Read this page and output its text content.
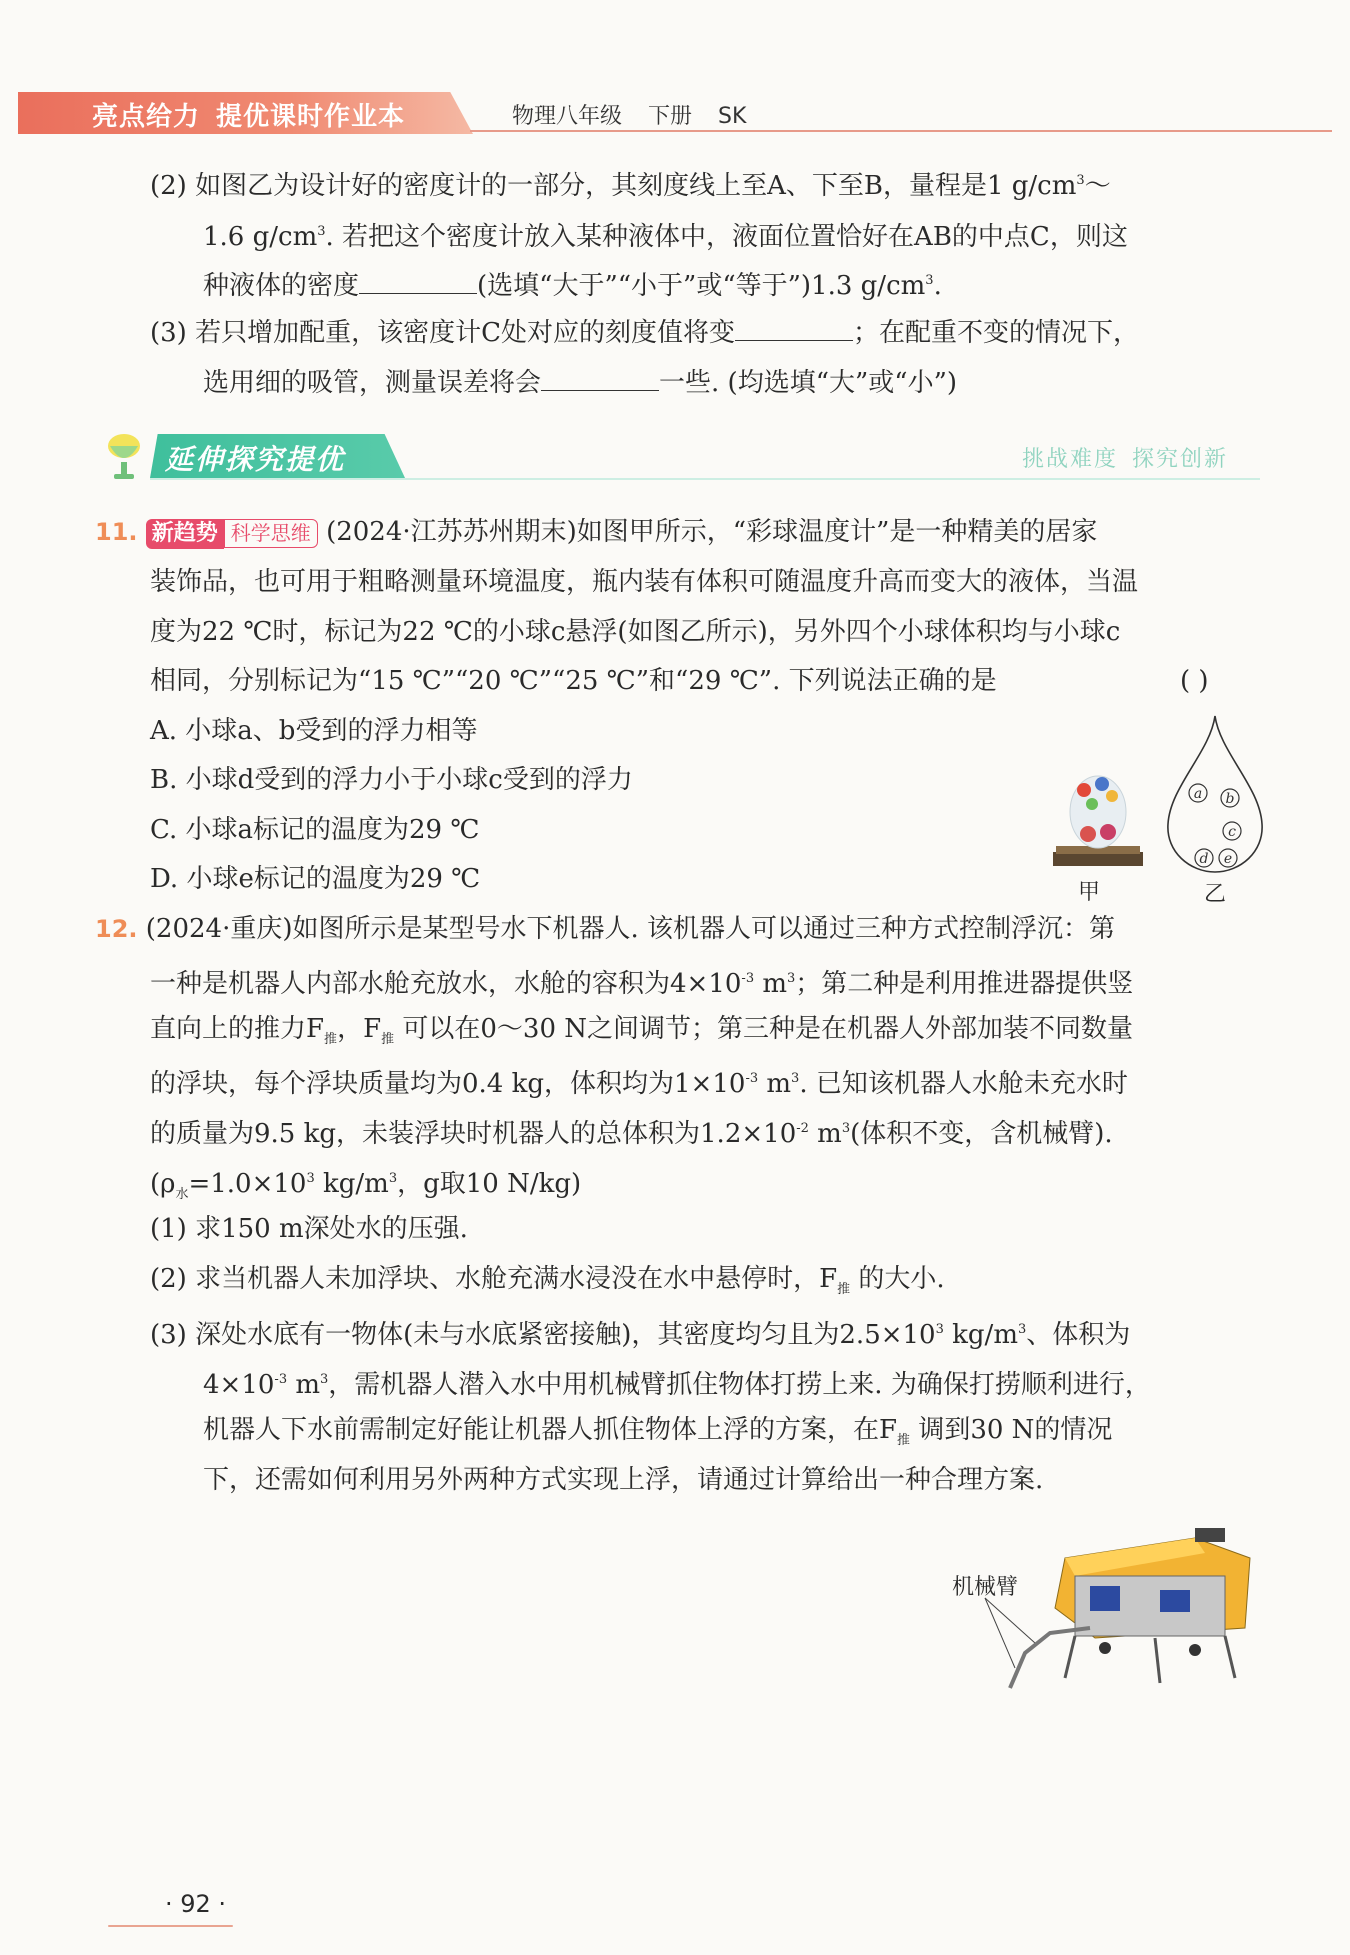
亮点给力 提优课时作业本	物理八年级 下册 SK
(2) 如图乙为设计好的密度计的一部分，其刻度线上至A、下至B，量程是1 $g/cm^3\sim$
1.6 $g/cm^3$. 若把这个密度计放入某种液体中，液面位置恰好在AB的中点C，则这
种液体的密度	(选填“大于”“小于”或“等于”)1.3 $g/cm^3$.
(3) 若只增加配重，该密度计C处对应的刻度值将变	；在配重不变的情况下，
选用细的吸管，测量误差将会	一些. (均选填“大”或“小”)
延伸探究提优	挑战难度 探究创新
11. 新趋势 科学思维 (2024·江苏苏州期末)如图甲所示，“彩球温度计”是一种精美的居家
装饰品，也可用于粗略测量环境温度，瓶内装有体积可随温度升高而变大的液体，当温
度为22 ℃时，标记为22 ℃的小球c悬浮(如图乙所示)，另外四个小球体积均与小球c
相同，分别标记为“15 ℃”“20 ℃”“25 ℃”和“29 ℃”. 下列说法正确的是	( )
A. 小球a、b受到的浮力相等
B. 小球d受到的浮力小于小球c受到的浮力
C. 小球a标记的温度为29 ℃
D. 小球e标记的温度为29 ℃	甲
a b
c
d e
乙
12. (2024·重庆)如图所示是某型号水下机器人. 该机器人可以通过三种方式控制浮沉：第
一种是机器人内部水舱充放水，水舱的容积为$4\times 10^{-3}$ $m^3$；第二种是利用推进器提供竖
直向上的推力$F_推$，$F_推$ 可以在0～30 N之间调节；第三种是在机器人外部加装不同数量
的浮块，每个浮块质量均为0.4 kg，体积均为$1\times 10^{-3}$ $m^3$. 已知该机器人水舱未充水时
的质量为9.5 kg，未装浮块时机器人的总体积为$1.2\times 10^{-2}$ $m^3$(体积不变，含机械臂).
($\rho_水=1.0\times 10^3$ $kg/m^3$，g取10 N/kg)
(1) 求150 m深处水的压强.
(2) 求当机器人未加浮块、水舱充满水浸没在水中悬停时，$F_推$ 的大小.
(3) 深处水底有一物体(未与水底紧密接触)，其密度均匀且为$2.5\times 10^3$ $kg/m^3$、体积为
$4\times 10^{-3}$ $m^3$，需机器人潜入水中用机械臂抓住物体打捞上来. 为确保打捞顺利进行，
机器人下水前需制定好能让机器人抓住物体上浮的方案，在$F_推$ 调到30 N的情况
下，还需如何利用另外两种方式实现上浮，请通过计算给出一种合理方案.
机械臂
· 92 ·
